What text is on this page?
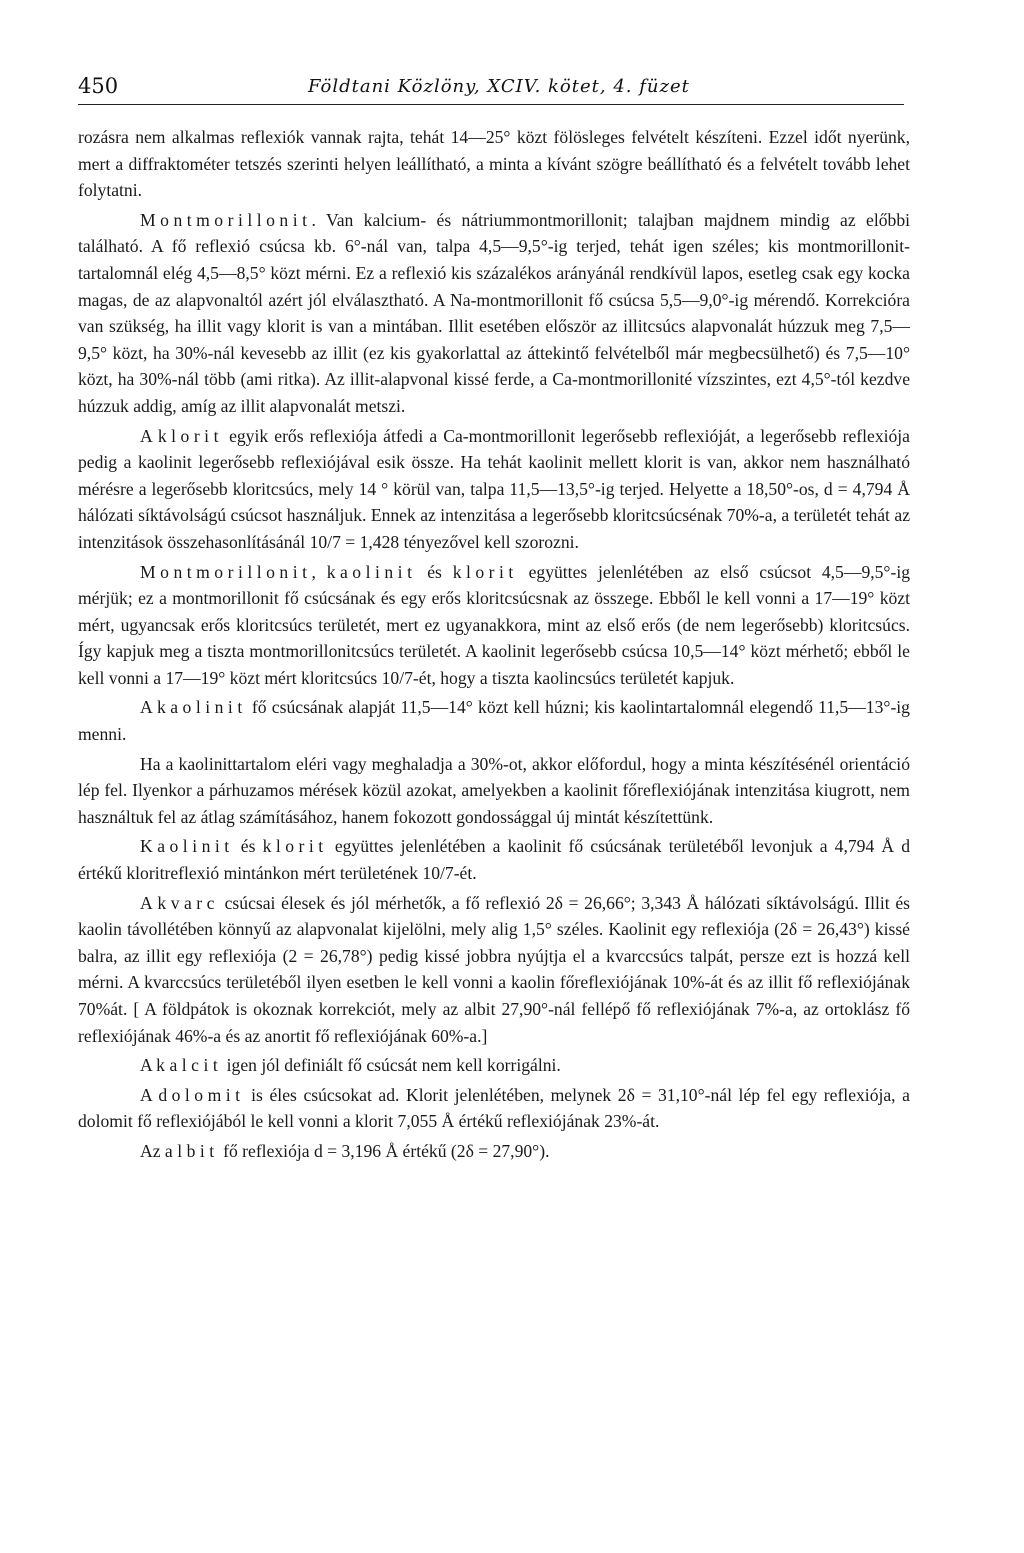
450	Földtani Közlöny, XCIV. kötet, 4. füzet

rozásra nem alkalmas reflexiók vannak rajta, tehát 14—25° közt fölösleges felvételt készíteni. Ezzel időt nyerünk, mert a diffraktométer tetszés szerinti helyen leállítható, a minta a kívánt szögre beállítható és a felvételt tovább lehet folytatni.

Montmorillonit. Van kalcium- és nátriummontmorillonit; talajban majdnem mindig az előbbi található. A fő reflexió csúcsa kb. 6°-nál van, talpa 4,5—9,5°-ig terjed, tehát igen széles; kis montmorillonit-tartalomnál elég 4,5—8,5° közt mérni. Ez a reflexió kis százalékos arányánál rendkívül lapos, esetleg csak egy kocka magas, de az alapvonaltól azért jól elválasztható. A Na-montmorillonit fő csúcsa 5,5—9,0°-ig mérendő. Korrekcióra van szükség, ha illit vagy klorit is van a mintában. Illit esetében először az illitcsúcs alapvonalát húzzuk meg 7,5—9,5° közt, ha 30%-nál kevesebb az illit (ez kis gyakorlattal az áttekintő felvételből már megbecsülhető) és 7,5—10° közt, ha 30%-nál több (ami ritka). Az illit-alapvonal kissé ferde, a Ca-montmorillonité vízszintes, ezt 4,5°-tól kezdve húzzuk addig, amíg az illit alapvonalát metszi.

A klorit egyik erős reflexiója átfedi a Ca-montmorillonit legerősebb reflexióját, a legerősebb reflexiója pedig a kaolinit legerősebb reflexiójával esik össze. Ha tehát kaolinit mellett klorit is van, akkor nem használható mérésre a legerősebb kloritcsúcs, mely 14 ° körül van, talpa 11,5—13,5°-ig terjed. Helyette a 18,50°-os, d = 4,794 Å hálózati síktávolságú csúcsot használjuk. Ennek az intenzitása a legerősebb kloritcsúcsénak 70%-a, a területét tehát az intenzitások összehasonlításánál 10/7 = 1,428 tényezővel kell szorozni.

Montmorillonit, kaolinit és klorit együttes jelenlétében az első csúcsot 4,5—9,5°-ig mérjük; ez a montmorillonit fő csúcsának és egy erős kloritcsúcsnak az összege. Ebből le kell vonni a 17—19° közt mért, ugyancsak erős kloritcsúcs területét, mert ez ugyanakkora, mint az első erős (de nem legerősebb) kloritcsúcs. Így kapjuk meg a tiszta montmorillonitcsúcs területét. A kaolinit legerősebb csúcsa 10,5—14° közt mérhető; ebből le kell vonni a 17—19° közt mért kloritcsúcs 10/7-ét, hogy a tiszta kaolincsúcs területét kapjuk.

A kaolinit fő csúcsának alapját 11,5—14° közt kell húzni; kis kaolintartalomnál elegendő 11,5—13°-ig menni.

Ha a kaolinittartalom eléri vagy meghaladja a 30%-ot, akkor előfordul, hogy a minta készítésénél orientáció lép fel. Ilyenkor a párhuzamos mérések közül azokat, amelyekben a kaolinit főreflexiójának intenzitása kiugrott, nem használtuk fel az átlag számításához, hanem fokozott gondossággal új mintát készítettünk.

Kaolinit és klorit együttes jelenlétében a kaolinit fő csúcsának területéből levonjuk a 4,794 Å d értékű kloritreflexió mintánkon mért területének 10/7-ét.

A kvarc csúcsai élesek és jól mérhetők, a fő reflexió 2δ = 26,66°; 3,343 Å hálózati síktávolságú. Illit és kaolin távollétében könnyű az alapvonalat kijelölni, mely alig 1,5° széles. Kaolinit egy reflexiója (2δ = 26,43°) kissé balra, az illit egy reflexiója (2 = 26,78°) pedig kissé jobbra nyújtja el a kvarccsúcs talpát, persze ezt is hozzá kell mérni. A kvarccsúcs területéből ilyen esetben le kell vonni a kaolin főreflexiójának 10%-át és az illit fő reflexiójának 70%át. [ A földpátok is okoznak korrekciót, mely az albit 27,90°-nál fellépő fő reflexiójának 7%-a, az ortoklász fő reflexiójának 46%-a és az anortit fő reflexiójának 60%-a.]

A kalcit igen jól definiált fő csúcsát nem kell korrigálni.

A dolomit is éles csúcsokat ad. Klorit jelenlétében, melynek 2δ = 31,10°-nál lép fel egy reflexiója, a dolomit fő reflexiójából le kell vonni a klorit 7,055 Å értékű reflexiójának 23%-át.

Az albit fő reflexiója d = 3,196 Å értékű (2δ = 27,90°).
